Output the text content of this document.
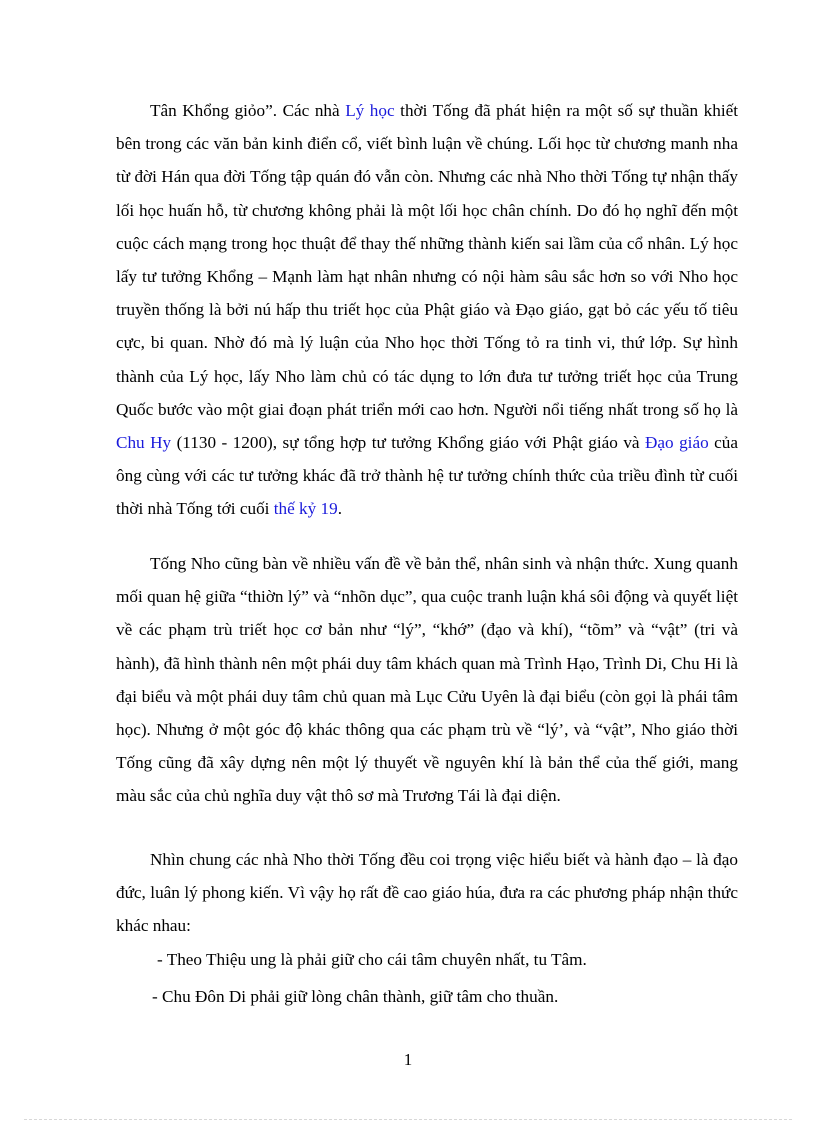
Tân Khổng giỏo”. Các nhà Lý học thời Tống đã phát hiện ra một số sự thuần khiết bên trong các văn bản kinh điển cổ, viết bình luận về chúng. Lối học từ chương manh nha từ đời Hán qua đời Tống tập quán đó vẫn còn. Nhưng các nhà Nho thời Tống tự nhận thấy lối học huấn hỗ, từ chương không phải là một lối học chân chính. Do đó họ nghĩ đến một cuộc cách mạng trong học thuật để thay thế những thành kiến sai lầm của cổ nhân. Lý học lấy tư tưởng Khổng – Mạnh làm hạt nhân nhưng có nội hàm sâu sắc hơn so với Nho học truyền thống là bởi nú hấp thu triết học của Phật giáo và Đạo giáo, gạt bỏ các yếu tố tiêu cực, bi quan. Nhờ đó mà lý luận của Nho học thời Tống tỏ ra tinh vi, thứ lớp. Sự hình thành của Lý học, lấy Nho làm chủ có tác dụng to lớn đưa tư tưởng triết học của Trung Quốc bước vào một giai đoạn phát triển mới cao hơn. Người nổi tiếng nhất trong số họ là Chu Hy (1130 - 1200), sự tổng hợp tư tưởng Khổng giáo với Phật giáo và Đạo giáo của ông cùng với các tư tưởng khác đã trở thành hệ tư tưởng chính thức của triều đình từ cuối thời nhà Tống tới cuối thế kỷ 19.

Tống Nho cũng bàn về nhiều vấn đề về bản thể, nhân sinh và nhận thức. Xung quanh mối quan hệ giữa “thiờn lý” và “nhõn dục”, qua cuộc tranh luận khá sôi động và quyết liệt về các phạm trù triết học cơ bản như “lý”, “khớ” (đạo và khí), “tõm” và “vật” (tri và hành), đã hình thành nên một phái duy tâm khách quan mà Trình Hạo, Trình Di, Chu Hi là đại biểu và một phái duy tâm chủ quan mà Lục Cửu Uyên là đại biểu (còn gọi là phái tâm học). Nhưng ở một góc độ khác thông qua các phạm trù về “lý’, và “vật”, Nho giáo thời Tống cũng đã xây dựng nên một lý thuyết về nguyên khí là bản thể của thế giới, mang màu sắc của chủ nghĩa duy vật thô sơ mà Trương Tái là đại diện.

Nhìn chung các nhà Nho thời Tống đều coi trọng việc hiểu biết và hành đạo – là đạo đức, luân lý phong kiến. Vì vậy họ rất đề cao giáo húa, đưa ra các phương pháp nhận thức khác nhau:

- Theo Thiệu ung là phải giữ cho cái tâm chuyên nhất, tu Tâm.

- Chu Đôn Di phải giữ lòng chân thành, giữ tâm cho thuần.

1
